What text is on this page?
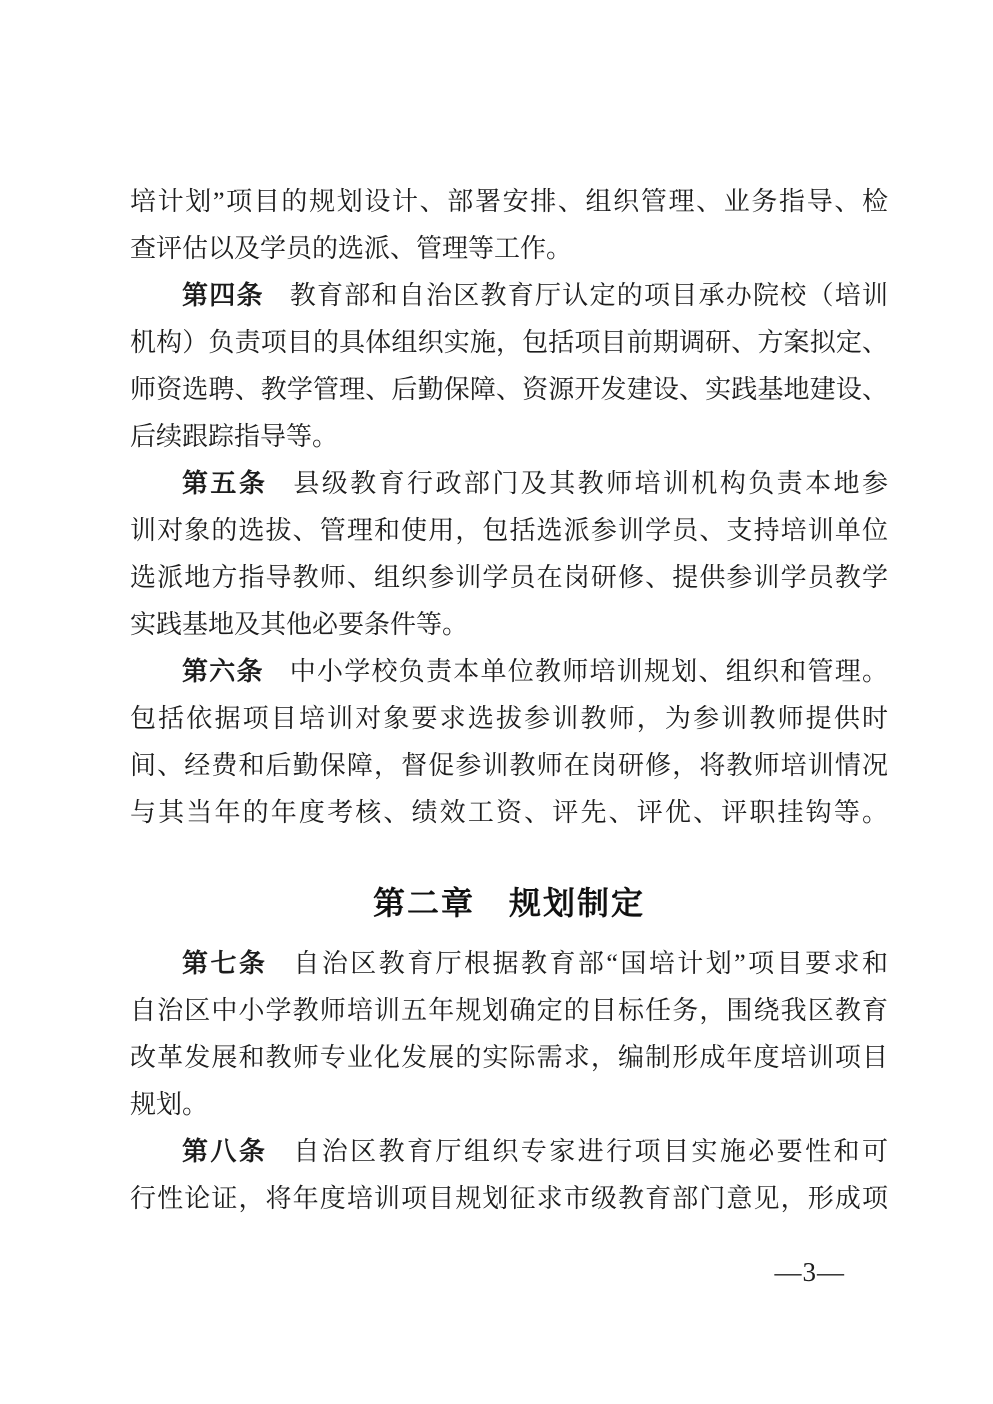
培计划”项目的规划设计、部署安排、组织管理、业务指导、检
查评估以及学员的选派、管理等工作。
第四条 教育部和自治区教育厅认定的项目承办院校（培训
机构）负责项目的具体组织实施，包括项目前期调研、方案拟定、
师资选聘、教学管理、后勤保障、资源开发建设、实践基地建设、
后续跟踪指导等。
第五条 县级教育行政部门及其教师培训机构负责本地参
训对象的选拔、管理和使用，包括选派参训学员、支持培训单位
选派地方指导教师、组织参训学员在岗研修、提供参训学员教学
实践基地及其他必要条件等。
第六条 中小学校负责本单位教师培训规划、组织和管理。
包括依据项目培训对象要求选拔参训教师，为参训教师提供时
间、经费和后勤保障，督促参训教师在岗研修，将教师培训情况
与其当年的年度考核、绩效工资、评先、评优、评职挂钩等。
第二章　规划制定
第七条 自治区教育厅根据教育部“国培计划”项目要求和
自治区中小学教师培训五年规划确定的目标任务，围绕我区教育
改革发展和教师专业化发展的实际需求，编制形成年度培训项目
规划。
第八条 自治区教育厅组织专家进行项目实施必要性和可
行性论证，将年度培训项目规划征求市级教育部门意见，形成项
—3—
